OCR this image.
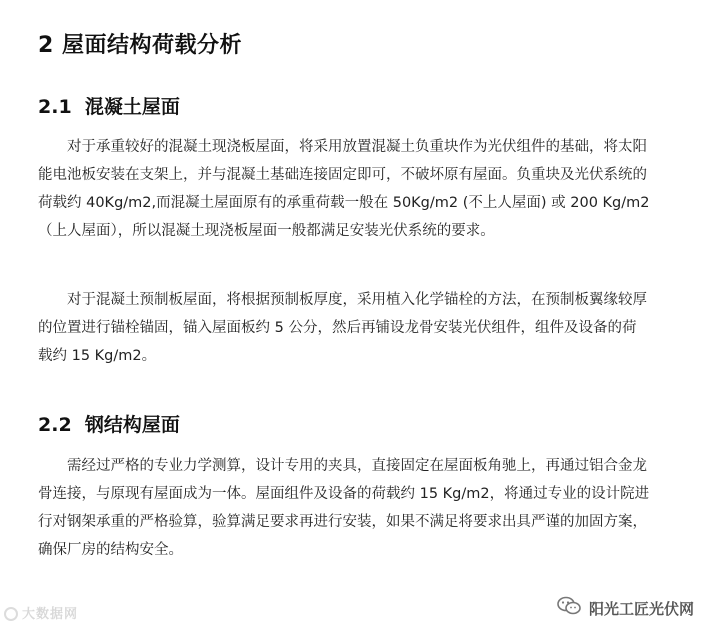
2 屋面结构荷载分析
2.1  混凝土屋面
对于承重较好的混凝土现浇板屋面，将采用放置混凝土负重块作为光伏组件的基础，将太阳
能电池板安装在支架上，并与混凝土基础连接固定即可，不破坏原有屋面。负重块及光伏系统的
荷载约 40Kg/m2,而混凝土屋面原有的承重荷载一般在 50Kg/m2 (不上人屋面) 或 200 Kg/m2
（上人屋面），所以混凝土现浇板屋面一般都满足安装光伏系统的要求。
对于混凝土预制板屋面，将根据预制板厚度，采用植入化学锚栓的方法，在预制板翼缘较厚
的位置进行锚栓锚固，锚入屋面板约 5 公分，然后再铺设龙骨安装光伏组件，组件及设备的荷
载约 15 Kg/m2。
2.2  钢结构屋面
需经过严格的专业力学测算，设计专用的夹具，直接固定在屋面板角驰上，再通过铝合金龙
骨连接，与原现有屋面成为一体。屋面组件及设备的荷载约 15 Kg/m2，将通过专业的设计院进
行对钢架承重的严格验算，验算满足要求再进行安装，如果不满足将要求出具严谨的加固方案，
确保厂房的结构安全。
大数据网	阳光工匠光伏网
